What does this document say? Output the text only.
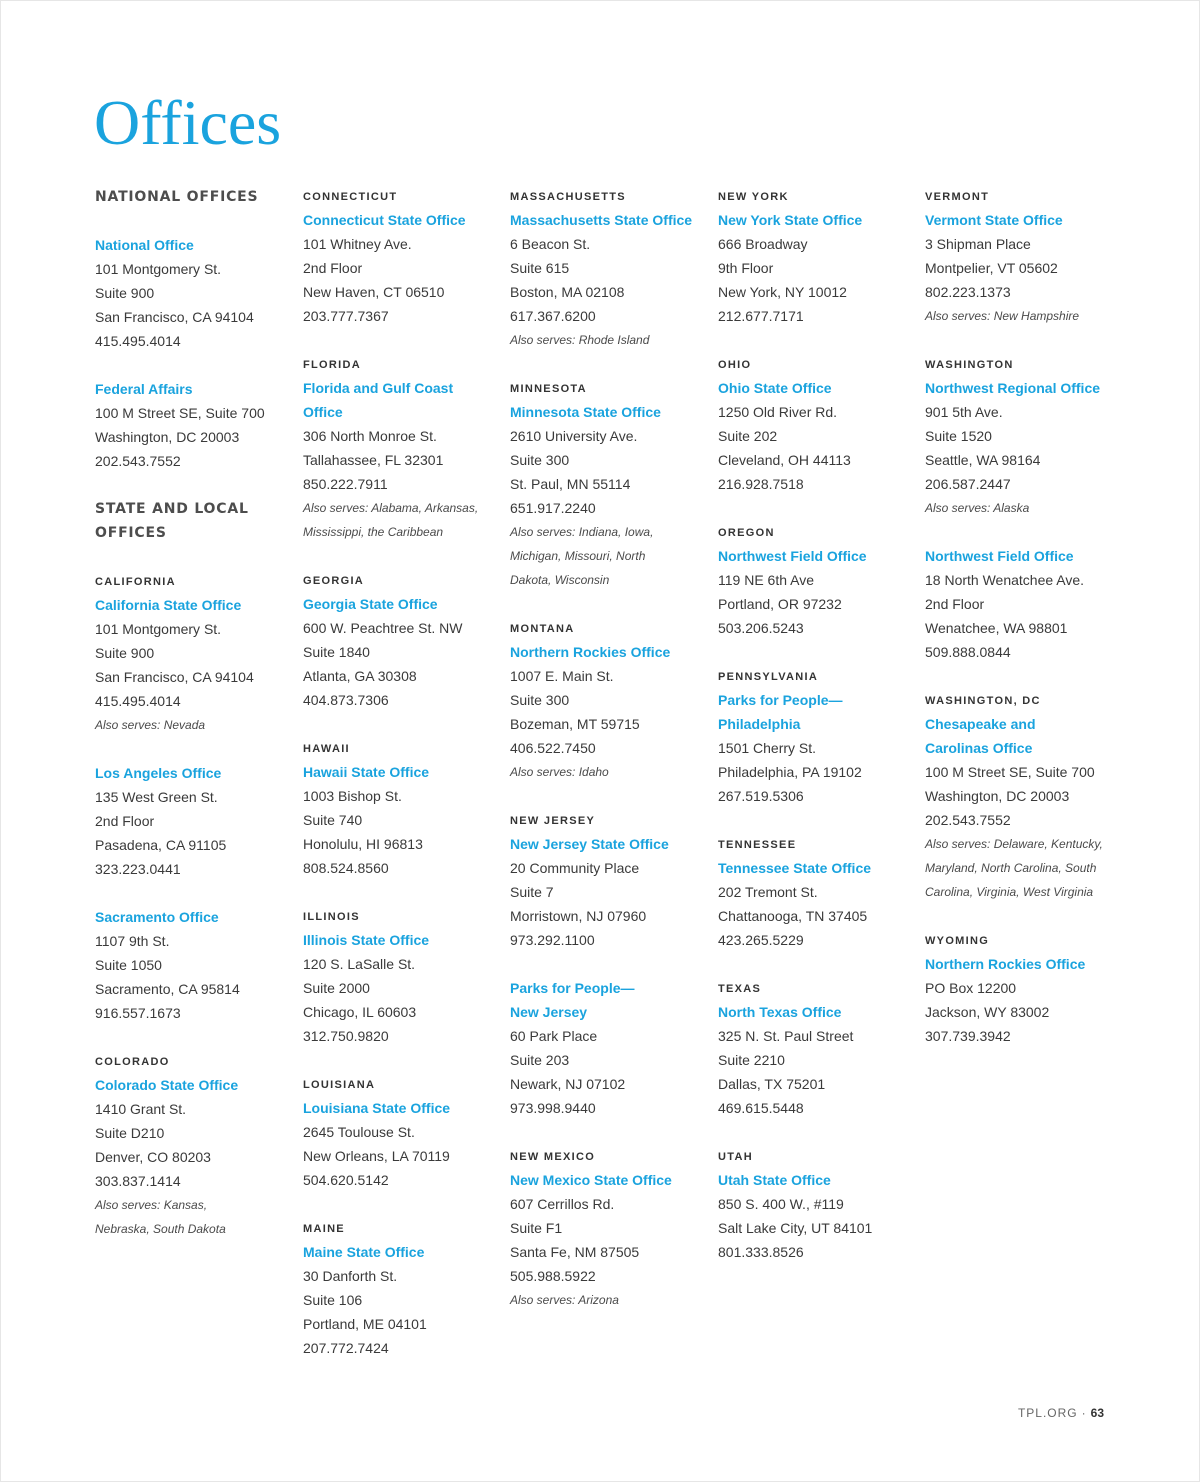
Offices
NATIONAL OFFICES
National Office
101 Montgomery St.
Suite 900
San Francisco, CA 94104
415.495.4014
Federal Affairs
100 M Street SE, Suite 700
Washington, DC 20003
202.543.7552
STATE AND LOCAL
OFFICES
CALIFORNIA
California State Office
101 Montgomery St.
Suite 900
San Francisco, CA 94104
415.495.4014
Also serves: Nevada
Los Angeles Office
135 West Green St.
2nd Floor
Pasadena, CA 91105
323.223.0441
Sacramento Office
1107 9th St.
Suite 1050
Sacramento, CA 95814
916.557.1673
COLORADO
Colorado State Office
1410 Grant St.
Suite D210
Denver, CO 80203
303.837.1414
Also serves: Kansas,
Nebraska, South Dakota
CONNECTICUT
Connecticut State Office
101 Whitney Ave.
2nd Floor
New Haven, CT 06510
203.777.7367
FLORIDA
Florida and Gulf Coast
Office
306 North Monroe St.
Tallahassee, FL 32301
850.222.7911
Also serves: Alabama, Arkansas,
Mississippi, the Caribbean
GEORGIA
Georgia State Office
600 W. Peachtree St. NW
Suite 1840
Atlanta, GA 30308
404.873.7306
HAWAII
Hawaii State Office
1003 Bishop St.
Suite 740
Honolulu, HI 96813
808.524.8560
ILLINOIS
Illinois State Office
120 S. LaSalle St.
Suite 2000
Chicago, IL 60603
312.750.9820
LOUISIANA
Louisiana State Office
2645 Toulouse St.
New Orleans, LA 70119
504.620.5142
MAINE
Maine State Office
30 Danforth St.
Suite 106
Portland, ME 04101
207.772.7424
MASSACHUSETTS
Massachusetts State Office
6 Beacon St.
Suite 615
Boston, MA 02108
617.367.6200
Also serves: Rhode Island
MINNESOTA
Minnesota State Office
2610 University Ave.
Suite 300
St. Paul, MN 55114
651.917.2240
Also serves: Indiana, Iowa,
Michigan, Missouri, North
Dakota, Wisconsin
MONTANA
Northern Rockies Office
1007 E. Main St.
Suite 300
Bozeman, MT 59715
406.522.7450
Also serves: Idaho
NEW JERSEY
New Jersey State Office
20 Community Place
Suite 7
Morristown, NJ 07960
973.292.1100
Parks for People—
New Jersey
60 Park Place
Suite 203
Newark, NJ 07102
973.998.9440
NEW MEXICO
New Mexico State Office
607 Cerrillos Rd.
Suite F1
Santa Fe, NM 87505
505.988.5922
Also serves: Arizona
NEW YORK
New York State Office
666 Broadway
9th Floor
New York, NY 10012
212.677.7171
OHIO
Ohio State Office
1250 Old River Rd.
Suite 202
Cleveland, OH 44113
216.928.7518
OREGON
Northwest Field Office
119 NE 6th Ave
Portland, OR 97232
503.206.5243
PENNSYLVANIA
Parks for People—
Philadelphia
1501 Cherry St.
Philadelphia, PA 19102
267.519.5306
TENNESSEE
Tennessee State Office
202 Tremont St.
Chattanooga, TN 37405
423.265.5229
TEXAS
North Texas Office
325 N. St. Paul Street
Suite 2210
Dallas, TX 75201
469.615.5448
UTAH
Utah State Office
850 S. 400 W., #119
Salt Lake City, UT 84101
801.333.8526
VERMONT
Vermont State Office
3 Shipman Place
Montpelier, VT 05602
802.223.1373
Also serves: New Hampshire
WASHINGTON
Northwest Regional Office
901 5th Ave.
Suite 1520
Seattle, WA 98164
206.587.2447
Also serves: Alaska
Northwest Field Office
18 North Wenatchee Ave.
2nd Floor
Wenatchee, WA 98801
509.888.0844
WASHINGTON, DC
Chesapeake and
Carolinas Office
100 M Street SE, Suite 700
Washington, DC 20003
202.543.7552
Also serves: Delaware, Kentucky,
Maryland, North Carolina, South
Carolina, Virginia, West Virginia
WYOMING
Northern Rockies Office
PO Box 12200
Jackson, WY 83002
307.739.3942
TPL.ORG · 63
